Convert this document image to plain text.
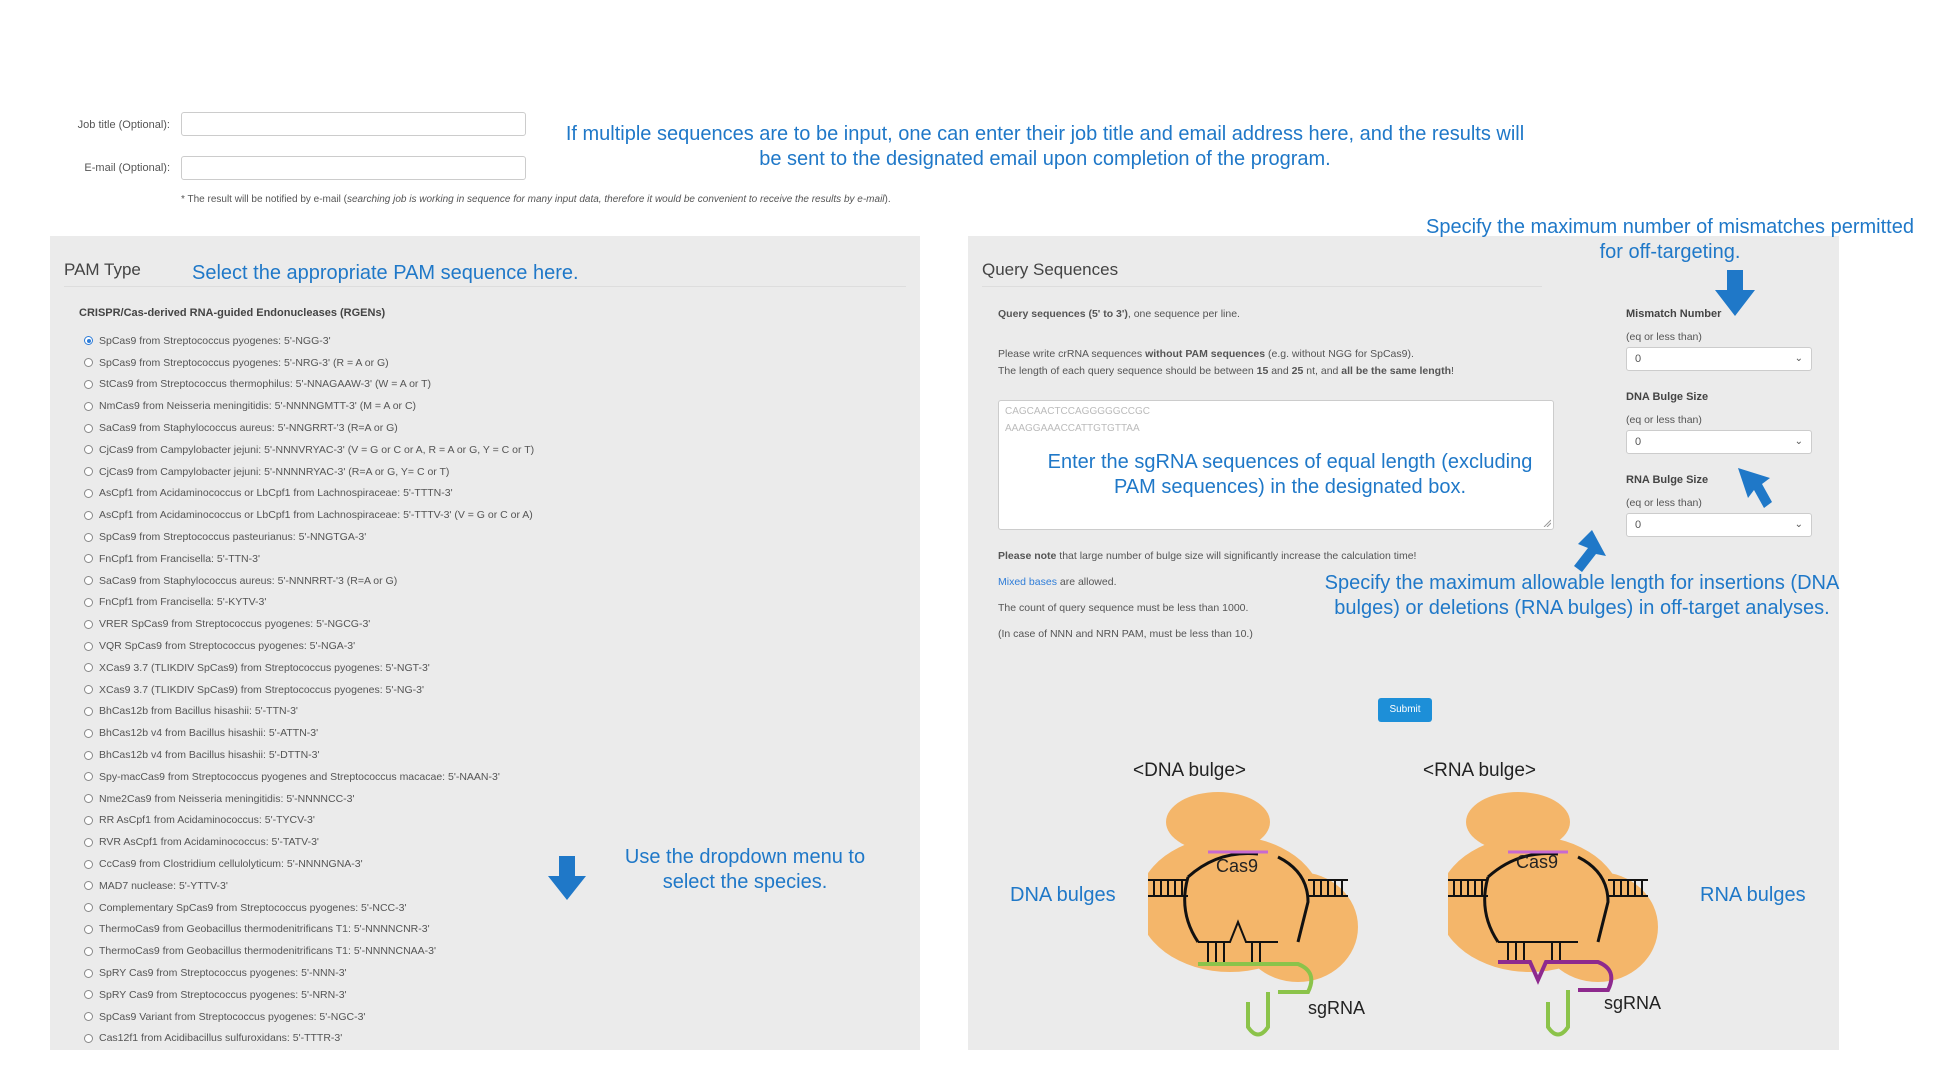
Job title (Optional):
E-mail (Optional):
* The result will be notified by e-mail (searching job is working in sequence for many input data, therefore it would be convenient to receive the results by e-mail).
If multiple sequences are to be input, one can enter their job title and email address here, and the results will be sent to the designated email upon completion of the program.
PAM Type
CRISPR/Cas-derived RNA-guided Endonucleases (RGENs)
SpCas9 from Streptococcus pyogenes: 5'-NGG-3'
SpCas9 from Streptococcus pyogenes: 5'-NRG-3' (R = A or G)
StCas9 from Streptococcus thermophilus: 5'-NNAGAAW-3' (W = A or T)
NmCas9 from Neisseria meningitidis: 5'-NNNNGMTT-3' (M = A or C)
SaCas9 from Staphylococcus aureus: 5'-NNGRRT-'3 (R=A or G)
CjCas9 from Campylobacter jejuni: 5'-NNNVRYAC-3' (V = G or C or A, R = A or G, Y = C or T)
CjCas9 from Campylobacter jejuni: 5'-NNNNRYAC-3' (R=A or G, Y= C or T)
AsCpf1 from Acidaminococcus or LbCpf1 from Lachnospiraceae: 5'-TTTN-3'
AsCpf1 from Acidaminococcus or LbCpf1 from Lachnospiraceae: 5'-TTTV-3' (V = G or C or A)
SpCas9 from Streptococcus pasteurianus: 5'-NNGTGA-3'
FnCpf1 from Francisella: 5'-TTN-3'
SaCas9 from Staphylococcus aureus: 5'-NNNRRT-'3 (R=A or G)
FnCpf1 from Francisella: 5'-KYTV-3'
VRER SpCas9 from Streptococcus pyogenes: 5'-NGCG-3'
VQR SpCas9 from Streptococcus pyogenes: 5'-NGA-3'
XCas9 3.7 (TLIKDIV SpCas9) from Streptococcus pyogenes: 5'-NGT-3'
XCas9 3.7 (TLIKDIV SpCas9) from Streptococcus pyogenes: 5'-NG-3'
BhCas12b from Bacillus hisashii: 5'-TTN-3'
BhCas12b v4 from Bacillus hisashii: 5'-ATTN-3'
BhCas12b v4 from Bacillus hisashii: 5'-DTTN-3'
Spy-macCas9 from Streptococcus pyogenes and Streptococcus macacae: 5'-NAAN-3'
Nme2Cas9 from Neisseria meningitidis: 5'-NNNNCC-3'
RR AsCpf1 from Acidaminococcus: 5'-TYCV-3'
RVR AsCpf1 from Acidaminococcus: 5'-TATV-3'
CcCas9 from Clostridium cellulolyticum: 5'-NNNNGNA-3'
MAD7 nuclease: 5'-YTTV-3'
Complementary SpCas9 from Streptococcus pyogenes: 5'-NCC-3'
ThermoCas9 from Geobacillus thermodenitrificans T1: 5'-NNNNCNR-3'
ThermoCas9 from Geobacillus thermodenitrificans T1: 5'-NNNNCNAA-3'
SpRY Cas9 from Streptococcus pyogenes: 5'-NNN-3'
SpRY Cas9 from Streptococcus pyogenes: 5'-NRN-3'
SpCas9 Variant from Streptococcus pyogenes: 5'-NGC-3'
Cas12f1 from Acidibacillus sulfuroxidans: 5'-TTTR-3'
Select the appropriate PAM sequence here.
Use the dropdown menu to select the species.
Query Sequences
Query sequences (5' to 3'), one sequence per line.
Please write crRNA sequences without PAM sequences (e.g. without NGG for SpCas9).
The length of each query sequence should be between 15 and 25 nt, and all be the same length!
CAGCAACTCCAGGGGGCCGC
AAAGGAAACCATTGTGTTAA
Please note that large number of bulge size will significantly increase the calculation time!
Mixed bases are allowed.
The count of query sequence must be less than 1000.
(In case of NNN and NRN PAM, must be less than 10.)
Submit
Mismatch Number
(eq or less than)
0	⌄
DNA Bulge Size
(eq or less than)
0	⌄
RNA Bulge Size
(eq or less than)
0	⌄
<DNA bulge>
Cas9
sgRNA
<RNA bulge>
Cas9
sgRNA
Specify the maximum number of mismatches permitted for off-targeting.
Enter the sgRNA sequences of equal length (excluding PAM sequences) in the designated box.
Specify the maximum allowable length for insertions (DNA bulges) or deletions (RNA bulges) in off-target analyses.
DNA bulges	RNA bulges
